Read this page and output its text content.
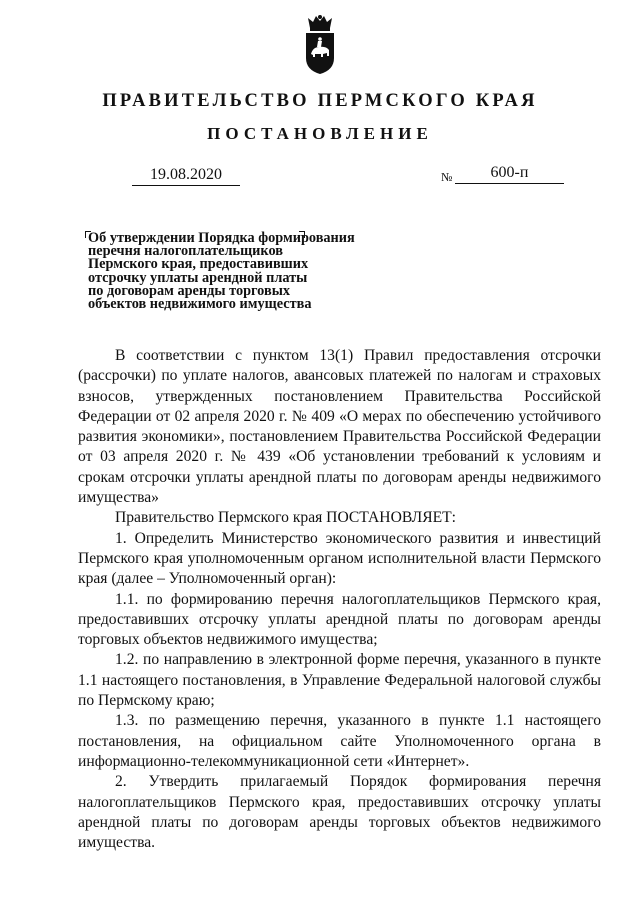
ПРАВИТЕЛЬСТВО ПЕРМСКОГО КРАЯ
ПОСТАНОВЛЕНИЕ
19.08.2020	№	600-п
Об утверждении Порядка формирования
перечня налогоплательщиков
Пермского края, предоставивших
отсрочку уплаты арендной платы
по договорам аренды торговых
объектов недвижимого имущества

В соответствии с пунктом 13(1) Правил предоставления отсрочки (рассрочки) по уплате налогов, авансовых платежей по налогам и страховых взносов, утвержденных постановлением Правительства Российской Федерации от 02 апреля 2020 г. № 409 «О мерах по обеспечению устойчивого развития экономики», постановлением Правительства Российской Федерации от 03 апреля 2020 г. № 439 «Об установлении требований к условиям и срокам отсрочки уплаты арендной платы по договорам аренды недвижимого имущества»

Правительство Пермского края ПОСТАНОВЛЯЕТ:

1. Определить Министерство экономического развития и инвестиций Пермского края уполномоченным органом исполнительной власти Пермского края (далее – Уполномоченный орган):

1.1. по формированию перечня налогоплательщиков Пермского края, предоставивших отсрочку уплаты арендной платы по договорам аренды торговых объектов недвижимого имущества;

1.2. по направлению в электронной форме перечня, указанного в пункте 1.1 настоящего постановления, в Управление Федеральной налоговой службы по Пермскому краю;

1.3. по размещению перечня, указанного в пункте 1.1 настоящего постановления, на официальном сайте Уполномоченного органа в информационно-телекоммуникационной сети «Интернет».

2. Утвердить прилагаемый Порядок формирования перечня налогоплательщиков Пермского края, предоставивших отсрочку уплаты арендной платы по договорам аренды торговых объектов недвижимого имущества.
